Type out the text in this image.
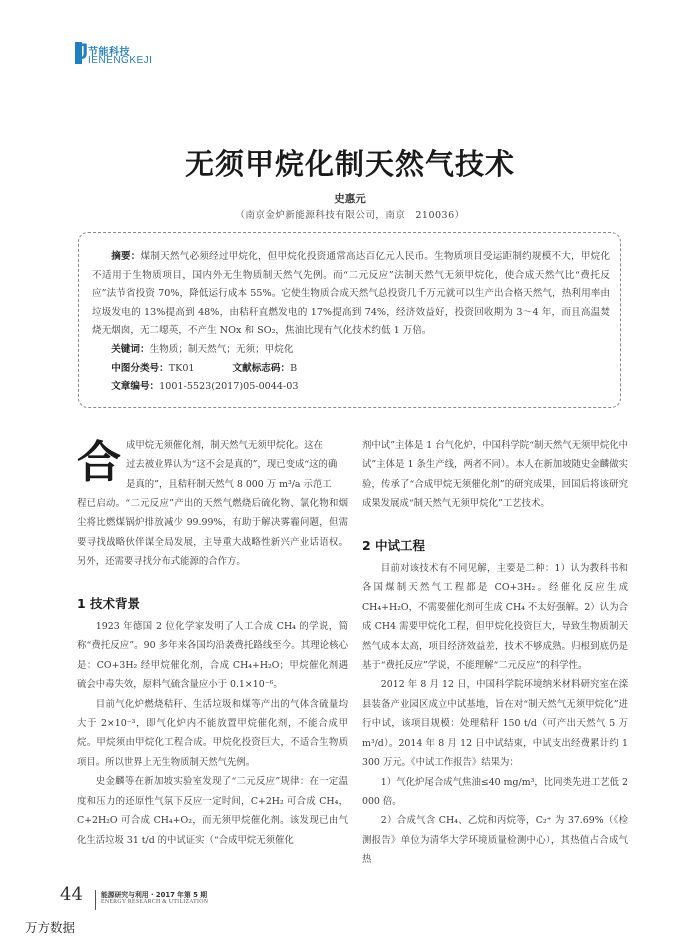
J 节能科技
IENENGKEJI
无须甲烷化制天然气技术
史惠元
（南京金炉新能源科技有限公司，南京　210036）
摘要：煤制天然气必须经过甲烷化，但甲烷化投资通常高达百亿元人民币。生物质项目受运距制约规模不大，甲烷化不适用于生物质项目，国内外无生物质制天然气先例。而“二元反应”法制天然气无须甲烷化，使合成天然气比“费托反应”法节省投资 70%，降低运行成本 55%。它使生物质合成天然气总投资几千万元就可以生产出合格天然气，热利用率由垃圾发电的 13%提高到 48%，由秸秆直燃发电的 17%提高到 74%，经济效益好，投资回收期为 3～4 年，而且高温焚烧无烟囱，无二噁英，不产生 NOx 和 SO₂，焦油比现有气化技术约低 1 万倍。
关键词：生物质；制天然气；无须；甲烷化
中图分类号：TK01	文献标志码：B
文章编号：1001-5523(2017)05-0044-03
合 成甲烷无须催化剂，制天然气无须甲烷化。这在
过去被业界认为“这不会是真的”，现已变成“这的确
是真的”，且秸秆制天然气 8 000 万 m³/a 示范工

程已启动。“二元反应”产出的天然气燃烧后硫化物、氯化物和烟尘将比燃煤锅炉排放减少 99.99%，有助于解决雾霾问题，但需要寻找战略伙伴谋全局发展，主导重大战略性新兴产业话语权。另外，还需要寻找分布式能源的合作方。

1 技术背景

1923 年德国 2 位化学家发明了人工合成 CH₄ 的学说，简称“费托反应”。90 多年来各国均沿袭费托路线至今。其理论核心是：CO+3H₂ 经甲烷催化剂，合成 CH₄+H₂O；甲烷催化剂遇硫会中毒失效，原料气硫含量应小于 0.1×10⁻⁶。

目前气化炉燃烧秸秆、生活垃圾和煤等产出的气体含硫量均大于 2×10⁻³，即气化炉内不能放置甲烷催化剂，不能合成甲烷。甲烷须由甲烷化工程合成。甲烷化投资巨大，不适合生物质项目。所以世界上无生物质制天然气先例。

史金麟等在新加坡实验室发现了“二元反应”规律：在一定温度和压力的还原性气氛下反应一定时间，C+2H₂ 可合成 CH₄，C+2H₂O 可合成 CH₄+O₂，而无须甲烷催化剂。该发现已由气化生活垃圾 31 t/d 的中试证实（“合成甲烷无须催化

剂中试”主体是 1 台气化炉，中国科学院“制天然气无须甲烷化中试”主体是 1 条生产线，两者不同）。本人在新加坡随史金麟做实验，传承了“合成甲烷无须催化剂”的研究成果，回国后将该研究成果发展成“制天然气无须甲烷化”工艺技术。

2 中试工程

目前对该技术有不同见解，主要是二种：1）认为教科书和各国煤制天然气工程都是 CO+3H₂。经催化反应生成 CH₄+H₂O，不需要催化剂可生成 CH₄ 不太好强解。2）认为合成 CH4 需要甲烷化工程，但甲烷化投资巨大，导致生物质制天然气成本太高，项目经济效益差，技术不够成熟。归根到底仍是基于“费托反应”学说，不能理解“二元反应”的科学性。

2012 年 8 月 12 日，中国科学院环境纳米材料研究室在滦县装备产业园区成立中试基地，旨在对“制天然气无须甲烷化”进行中试，该项目规模：处理秸秆 150 t/d（可产出天然气 5 万 m³/d）。2014 年 8 月 12 日中试结束，中试支出经费累计约 1 300 万元。《中试工作报告》结果为：

1）气化炉尾合成气焦油≤40 mg/m³，比同类先进工艺低 2 000 倍。

2）合成气含 CH₄、乙烷和丙烷等，C₂⁺ 为 37.69%（《检测报告》单位为清华大学环境质量检测中心），其热值占合成气热

44	能源研究与利用 · 2017 年第 5 期
ENERGY RESEARCH & UTILIZATION
万方数据
